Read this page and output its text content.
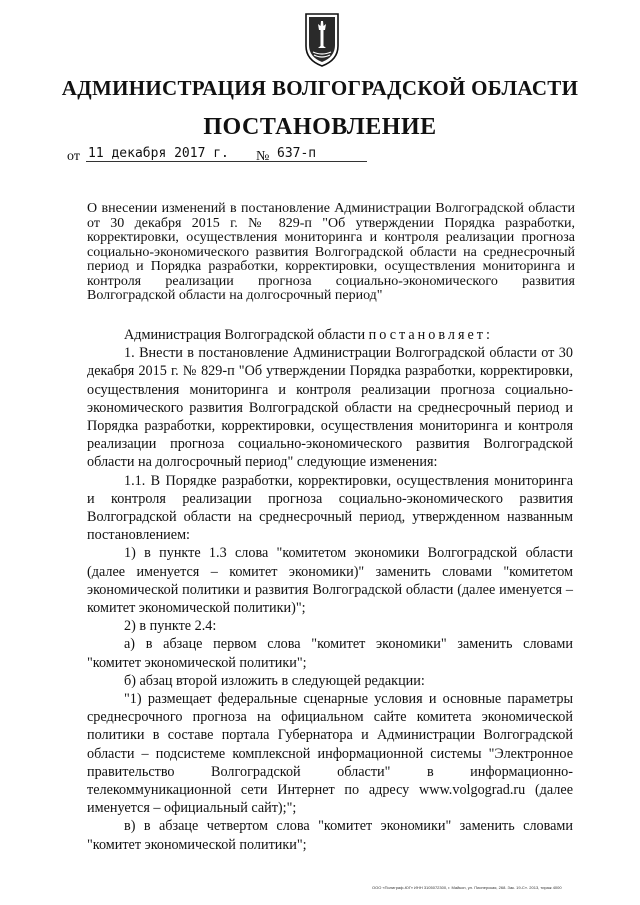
АДМИНИСТРАЦИЯ ВОЛГОГРАДСКОЙ ОБЛАСТИ
ПОСТАНОВЛЕНИЕ
от 11 декабря 2017 г.	№ 637-п
О внесении изменений в постановление Администрации Волгоградской области от 30 декабря 2015 г. № 829-п "Об утверждении Порядка разработки, корректировки, осуществления мониторинга и контроля реализации прогноза социально-экономического развития Волгоградской области на среднесрочный период и Порядка разработки, корректировки, осуществления мониторинга и контроля реализации прогноза социально-экономического развития Волгоградской области на долгосрочный период"

Администрация Волгоградской области постановляет:

1. Внести в постановление Администрации Волгоградской области от 30 декабря 2015 г. № 829-п "Об утверждении Порядка разработки, корректировки, осуществления мониторинга и контроля реализации прогноза социально-экономического развития Волгоградской области на среднесрочный период и Порядка разработки, корректировки, осуществления мониторинга и контроля реализации прогноза социально-экономического развития Волгоградской области на долгосрочный период" следующие изменения:

1.1. В Порядке разработки, корректировки, осуществления мониторинга и контроля реализации прогноза социально-экономического развития Волгоградской области на среднесрочный период, утвержденном названным постановлением:

1) в пункте 1.3 слова "комитетом экономики Волгоградской области (далее именуется – комитет экономики)" заменить словами "комитетом экономической политики и развития Волгоградской области (далее именуется – комитет экономической политики)";

2) в пункте 2.4:

а) в абзаце первом слова "комитет экономики" заменить словами "комитет экономической политики";

б) абзац второй изложить в следующей редакции:

"1) размещает федеральные сценарные условия и основные параметры среднесрочного прогноза на официальном сайте комитета экономической политики в составе портала Губернатора и Администрации Волгоградской области – подсистеме комплексной информационной системы "Электронное правительство Волгоградской области" в информационно-телекоммуникационной сети Интернет по адресу www.volgograd.ru (далее именуется – официальный сайт);";

в) в абзаце четвертом слова "комитет экономики" заменить словами "комитет экономической политики";

ООО «Полиграф-ЮГ» ИНН 3105072300, г. Майкоп, ул. Пионерская, 268. Зак. 19-С». 2013, тираж 4000
